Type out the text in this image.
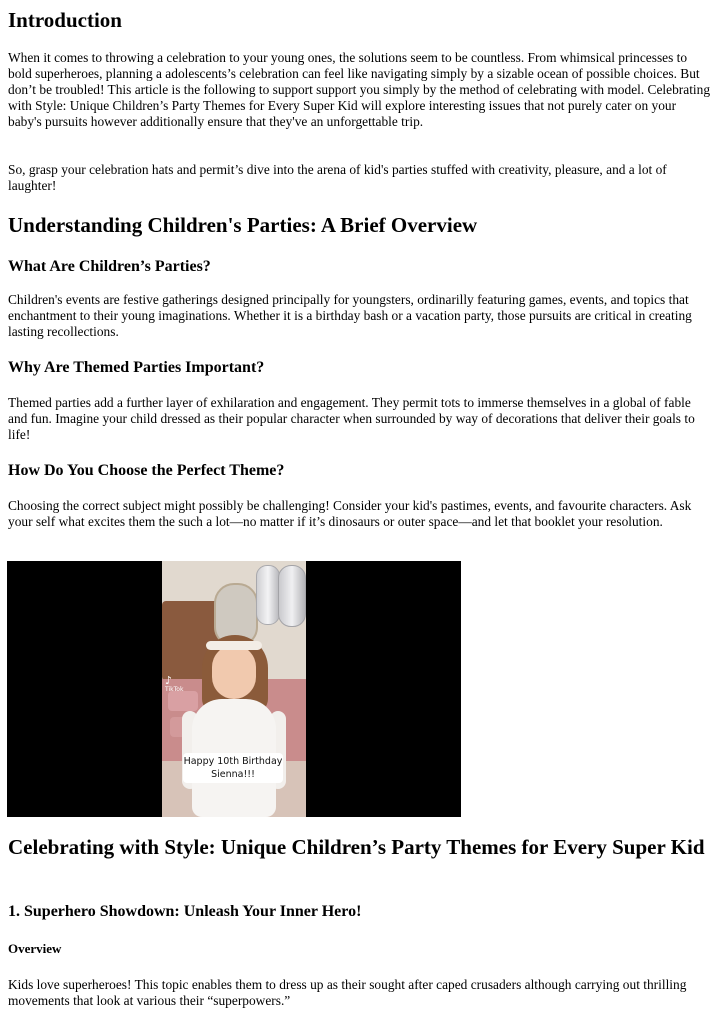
Introduction

When it comes to throwing a celebration to your young ones, the solutions seem to be countless. From whimsical princesses to bold superheroes, planning a adolescents’s celebration can feel like navigating simply by a sizable ocean of possible choices. But don’t be troubled! This article is the following to support support you simply by the method of celebrating with model. Celebrating with Style: Unique Children’s Party Themes for Every Super Kid will explore interesting issues that not purely cater on your baby's pursuits however additionally ensure that they've an unforgettable trip.

So, grasp your celebration hats and permit’s dive into the arena of kid's parties stuffed with creativity, pleasure, and a lot of laughter!

Understanding Children's Parties: A Brief Overview
What Are Children’s Parties?

Children's events are festive gatherings designed principally for youngsters, ordinarilly featuring games, events, and topics that enchantment to their young imaginations. Whether it is a birthday bash or a vacation party, those pursuits are critical in creating lasting recollections.

Why Are Themed Parties Important?

Themed parties add a further layer of exhilaration and engagement. They permit tots to immerse themselves in a global of fable and fun. Imagine your child dressed as their popular character when surrounded by way of decorations that deliver their goals to life!

How Do You Choose the Perfect Theme?

Choosing the correct subject might possibly be challenging! Consider your kid's pastimes, events, and favourite characters. Ask your self what excites them the such a lot—no matter if it’s dinosaurs or outer space—and let that booklet your resolution.

♪
TikTok
Happy 10th Birthday
Sienna!!!
Celebrating with Style: Unique Children’s Party Themes for Every Super Kid
1. Superhero Showdown: Unleash Your Inner Hero!
Overview

Kids love superheroes! This topic enables them to dress up as their sought after caped crusaders although carrying out thrilling movements that look at various their “superpowers.”
